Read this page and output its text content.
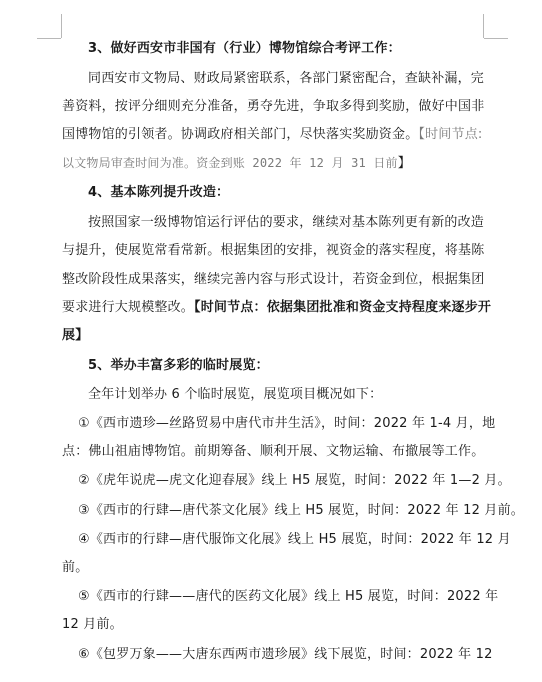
3、做好西安市非国有（行业）博物馆综合考评工作：
同西安市文物局、财政局紧密联系，各部门紧密配合，查缺补漏，完
善资料，按评分细则充分准备，勇夺先进，争取多得到奖励，做好中国非
国博物馆的引领者。协调政府相关部门，尽快落实奖励资金。【时间节点:
以文物局审查时间为准。资金到账 2022 年 12 月 31 日前】
4、基本陈列提升改造：
按照国家一级博物馆运行评估的要求，继续对基本陈列更有新的改造
与提升，使展览常看常新。根据集团的安排，视资金的落实程度，将基陈
整改阶段性成果落实，继续完善内容与形式设计，若资金到位，根据集团
要求进行大规模整改。【时间节点：依据集团批准和资金支持程度来逐步开
展】
5、举办丰富多彩的临时展览：
全年计划举办 6 个临时展览，展览项目概况如下：
①《西市遗珍—丝路贸易中唐代市井生活》，时间：2022 年 1-4 月，地
点：佛山祖庙博物馆。前期筹备、顺利开展、文物运输、布撤展等工作。
②《虎年说虎—虎文化迎春展》线上 H5 展览，时间：2022 年 1—2 月。
③《西市的行肆—唐代茶文化展》线上 H5 展览，时间：2022 年 12 月前。
④《西市的行肆—唐代服饰文化展》线上 H5 展览，时间：2022 年 12 月
前。
⑤《西市的行肆——唐代的医药文化展》线上 H5 展览，时间：2022 年
12 月前。
⑥《包罗万象——大唐东西两市遗珍展》线下展览，时间：2022 年 12
